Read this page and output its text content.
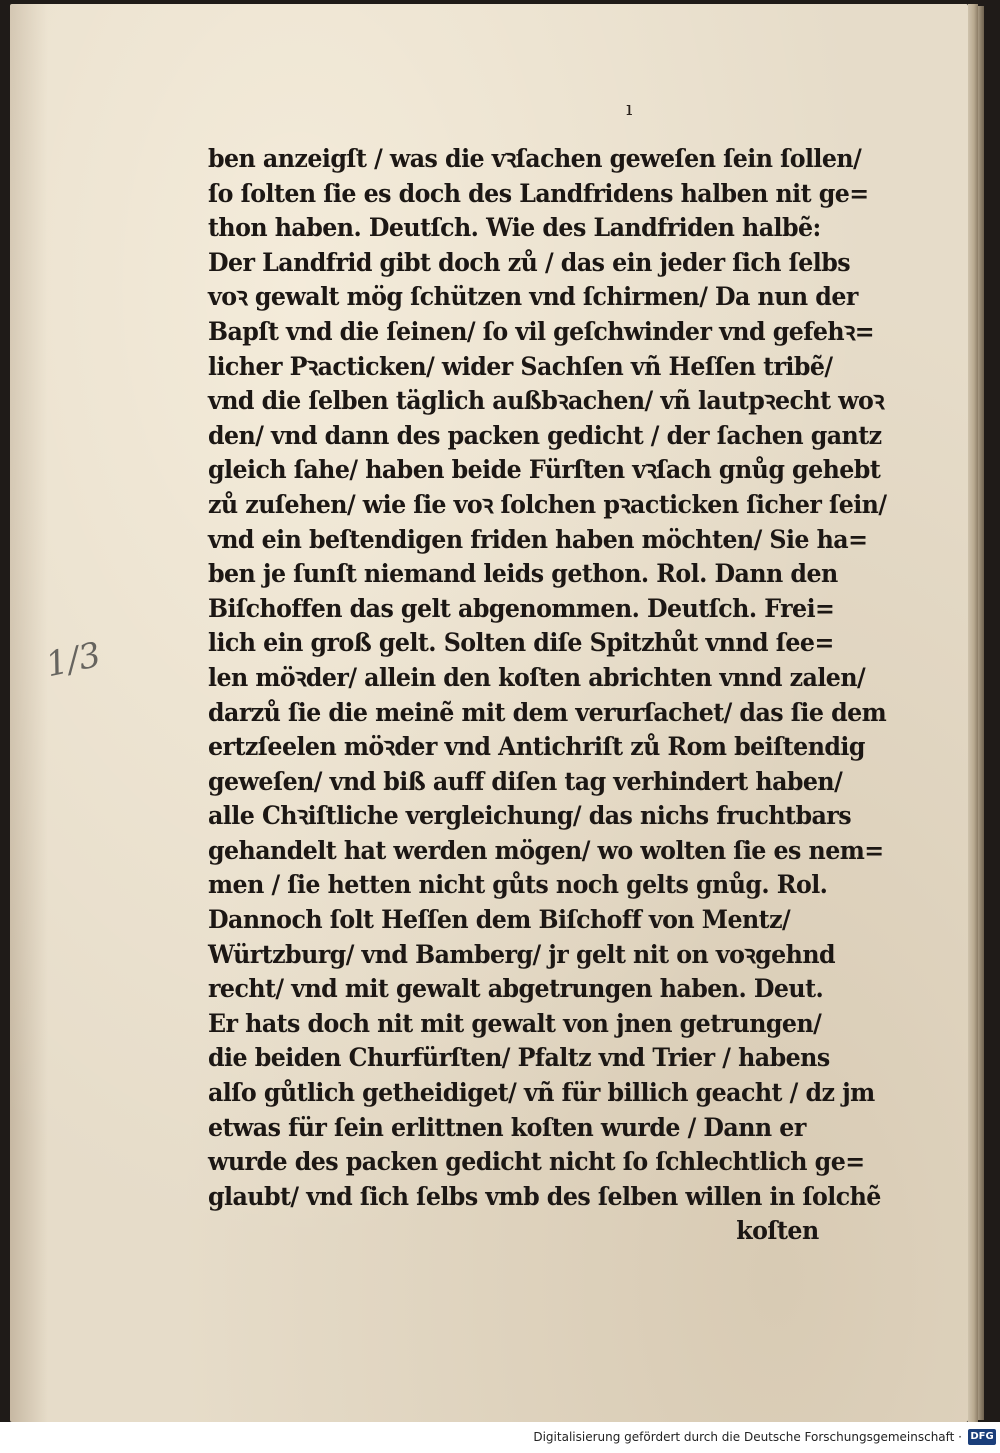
ı
1/3
ben anzeigſt / was die vꝛſachen geweſen ſein ſollen/
ſo ſolten ſie es doch des Landfridens halben nit ge=
thon haben. Deutſch. Wie des Landfriden halbẽ:
Der Landfrid gibt doch zů / das ein jeder ſich ſelbs
voꝛ gewalt mög ſchützen vnd ſchirmen/ Da nun der
Bapſt vnd die ſeinen/ ſo vil geſchwinder vnd gefehꝛ=
licher Pꝛacticken/ wider Sachſen vñ Heſſen tribẽ/
vnd die ſelben täglich außbꝛachen/ vñ lautpꝛecht woꝛ
den/ vnd dann des packen gedicht / der ſachen gantz
gleich ſahe/ haben beide Fürſten vꝛſach gnůg gehebt
zů zuſehen/ wie ſie voꝛ ſolchen pꝛacticken ſicher ſein/
vnd ein beſtendigen friden haben möchten/ Sie ha=
ben je ſunſt niemand leids gethon. Rol. Dann den
Biſchoffen das gelt abgenommen. Deutſch. Frei=
lich ein groß gelt. Solten diſe Spitzhůt vnnd ſee=
len möꝛder/ allein den koſten abrichten vnnd zalen/
darzů ſie die meinẽ mit dem verurſachet/ das ſie dem
ertzſeelen möꝛder vnd Antichriſt zů Rom beiſtendig
geweſen/ vnd biß auff diſen tag verhindert haben/
alle Chꝛiſtliche vergleichung/ das nichs fruchtbars
gehandelt hat werden mögen/ wo wolten ſie es nem=
men / ſie hetten nicht gůts noch gelts gnůg. Rol.
Dannoch ſolt Heſſen dem Biſchoff von Mentz/
Würtzburg/ vnd Bamberg/ jr gelt nit on voꝛgehnd
recht/ vnd mit gewalt abgetrungen haben. Deut.
Er hats doch nit mit gewalt von jnen getrungen/
die beiden Churfürſten/ Pfaltz vnd Trier / habens
alſo gůtlich getheidiget/ vñ für billich geacht / dz jm
etwas für ſein erlittnen koſten wurde / Dann er
wurde des packen gedicht nicht ſo ſchlechtlich ge=
glaubt/ vnd ſich ſelbs vmb des ſelben willen in ſolchẽ
koſten
Digitalisierung gefördert durch die Deutsche Forschungsgemeinschaft · DFG
